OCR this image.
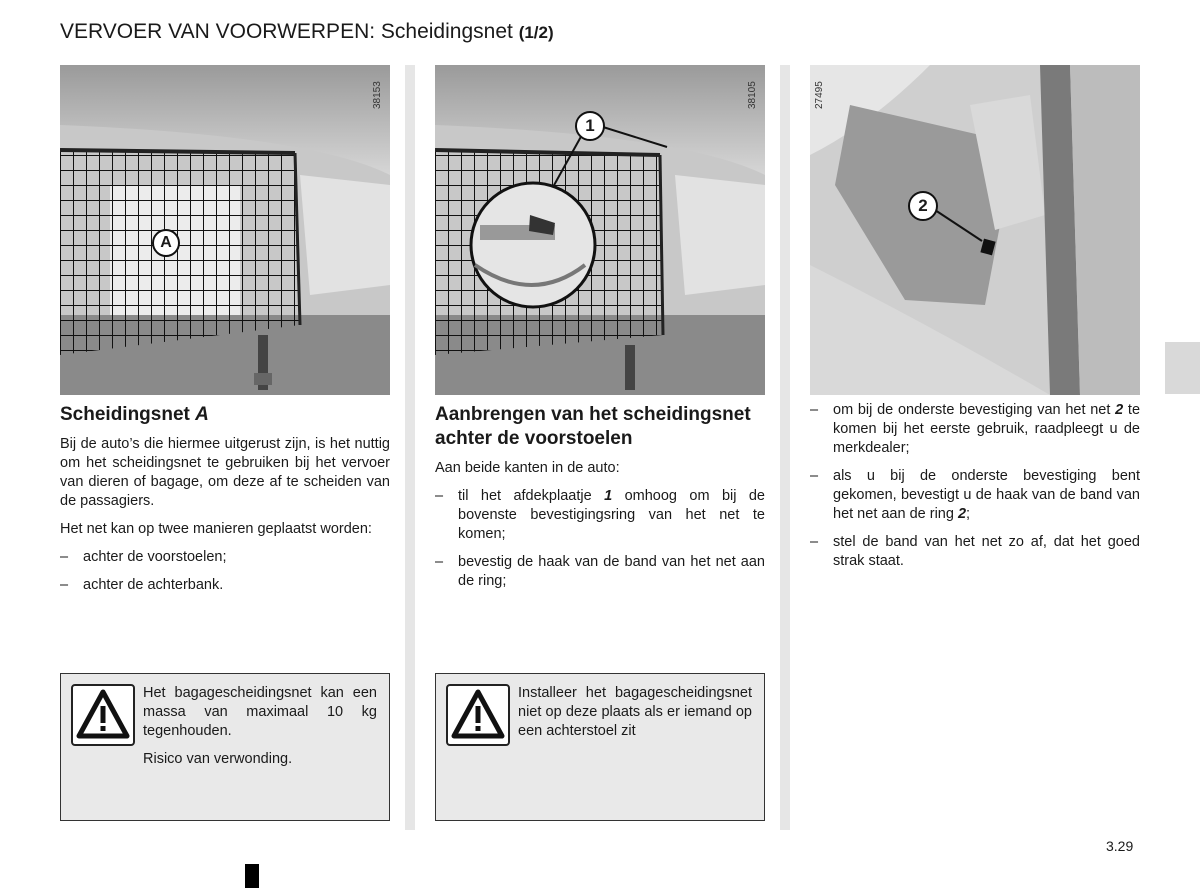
VERVOER VAN VOORWERPEN: Scheidingsnet (1/2)
38153
A
Scheidingsnet A

Bij de auto’s die hiermee uitgerust zijn, is het nuttig om het scheidingsnet te gebruiken bij het vervoer van dieren of bagage, om deze af te scheiden van de passagiers.

Het net kan op twee manieren geplaatst worden:

– achter de voorstoelen;
– achter de achterbank.

Het bagagescheidingsnet kan een massa van maximaal 10 kg tegenhouden.

Risico van verwonding.

38105
1
Aanbrengen van het scheidingsnet achter de voorstoelen

Aan beide kanten in de auto:

– til het afdekplaatje 1 omhoog om bij de bovenste bevestigingsring van het net te komen;
– bevestig de haak van de band van het net aan de ring;

Installeer het bagagescheidingsnet niet op deze plaats als er iemand op een achterstoel zit

27495
2
– om bij de onderste bevestiging van het net 2 te komen bij het eerste gebruik, raadpleegt u de merkdealer;
– als u bij de onderste bevestiging bent gekomen, bevestigt u de haak van de band van het net aan de ring 2;
– stel de band van het net zo af, dat het goed strak staat.
3.29
